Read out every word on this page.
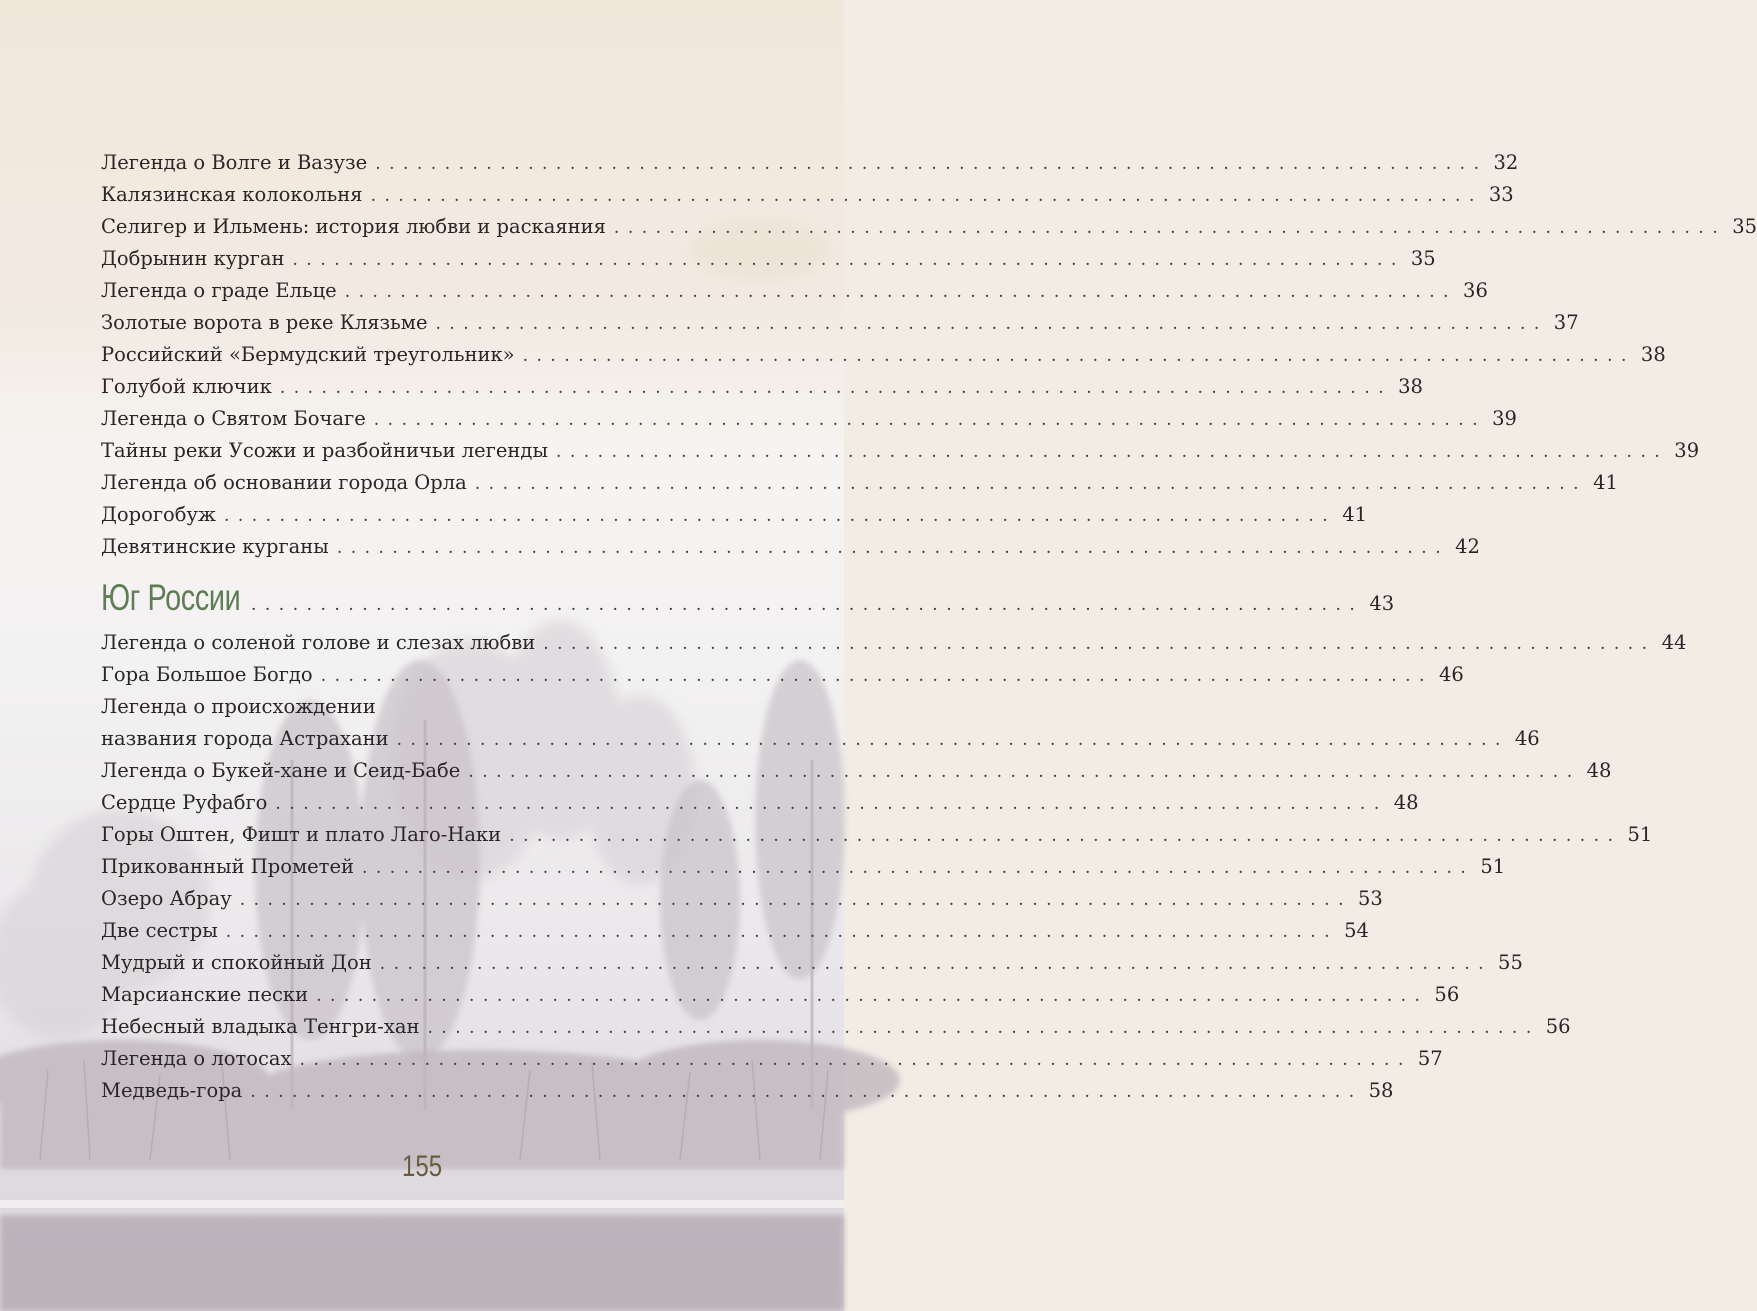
Легенда о Волге и Вазузе ................................................................................ 32
Калязинская колокольня ................................................................................ 33
Селигер и Ильмень: история любви и раскаяния ................................................................................ 35
Добрынин курган ................................................................................ 35
Легенда о граде Ельце ................................................................................ 36
Золотые ворота в реке Клязьме ................................................................................ 37
Российский «Бермудский треугольник» ................................................................................ 38
Голубой ключик ................................................................................ 38
Легенда о Святом Бочаге ................................................................................ 39
Тайны реки Усожи и разбойничьи легенды ................................................................................ 39
Легенда об основании города Орла ................................................................................ 41
Дорогобуж ................................................................................ 41
Девятинские курганы ................................................................................ 42
Юг России ................................................................................ 43
Легенда о соленой голове и слезах любви ................................................................................ 44
Гора Большое Богдо ................................................................................ 46
Легенда о происхождении
названия города Астрахани ................................................................................ 46
Легенда о Букей-хане и Сеид-Бабе ................................................................................ 48
Сердце Руфабго ................................................................................ 48
Горы Оштен, Фишт и плато Лаго-Наки ................................................................................ 51
Прикованный Прометей ................................................................................ 51
Озеро Абрау ................................................................................ 53
Две сестры ................................................................................ 54
Мудрый и спокойный Дон ................................................................................ 55
Марсианские пески ................................................................................ 56
Небесный владыка Тенгри-хан ................................................................................ 56
Легенда о лотосах ................................................................................ 57
Медведь-гора ................................................................................ 58
155
